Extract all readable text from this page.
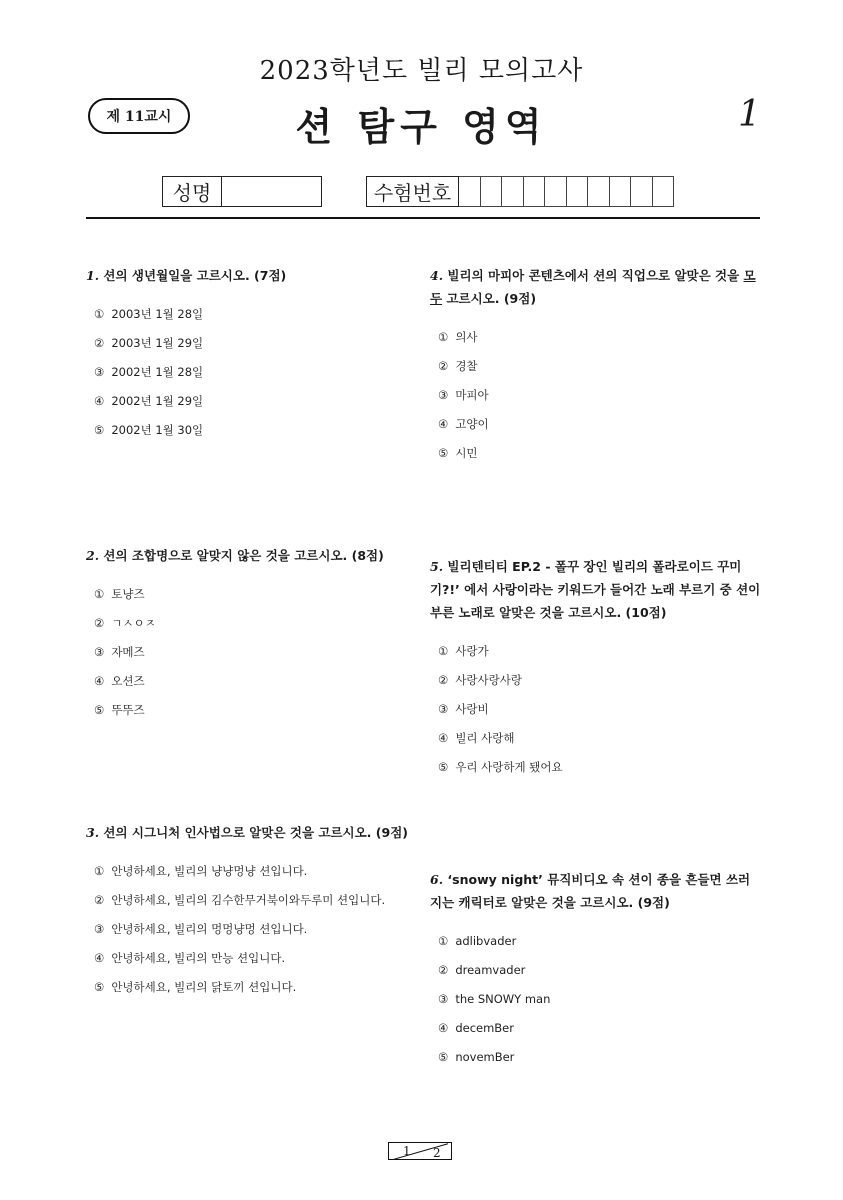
2023학년도 빌리 모의고사
제 11교시	션 탐구 영역	1
성명	수험번호

1. 션의 생년월일을 고르시오. (7점)

① 2003년 1월 28일
② 2003년 1월 29일
③ 2002년 1월 28일
④ 2002년 1월 29일
⑤ 2002년 1월 30일

2. 션의 조합명으로 알맞지 않은 것을 고르시오. (8점)

① 토냥즈
② ㄱㅅㅇㅈ
③ 자메즈
④ 오션즈
⑤ 뚜뚜즈

3. 션의 시그니처 인사법으로 알맞은 것을 고르시오. (9점)

① 안녕하세요, 빌리의 냥냥멍냥 션입니다.
② 안녕하세요, 빌리의 김수한무거북이와두루미 션입니다.
③ 안녕하세요, 빌리의 멍멍냥멍 션입니다.
④ 안녕하세요, 빌리의 만능 션입니다.
⑤ 안녕하세요, 빌리의 닭토끼 션입니다.

4. 빌리의 마피아 콘텐츠에서 션의 직업으로 알맞은 것을 모두 고르시오. (9점)

① 의사
② 경찰
③ 마피아
④ 고양이
⑤ 시민

5. 빌리텐티티 EP.2 - 폴꾸 장인 빌리의 폴라로이드 꾸미기?!’ 에서 사랑이라는 키워드가 들어간 노래 부르기 중 션이 부른 노래로 알맞은 것을 고르시오. (10점)

① 사랑가
② 사랑사랑사랑
③ 사랑비
④ 빌리 사랑해
⑤ 우리 사랑하게 됐어요

6. ‘snowy night’ 뮤직비디오 속 션이 종을 흔들면 쓰러지는 캐릭터로 알맞은 것을 고르시오. (9점)

① adlibvader
② dreamvader
③ the SNOWY man
④ decemBer
⑤ novemBer
1 2
